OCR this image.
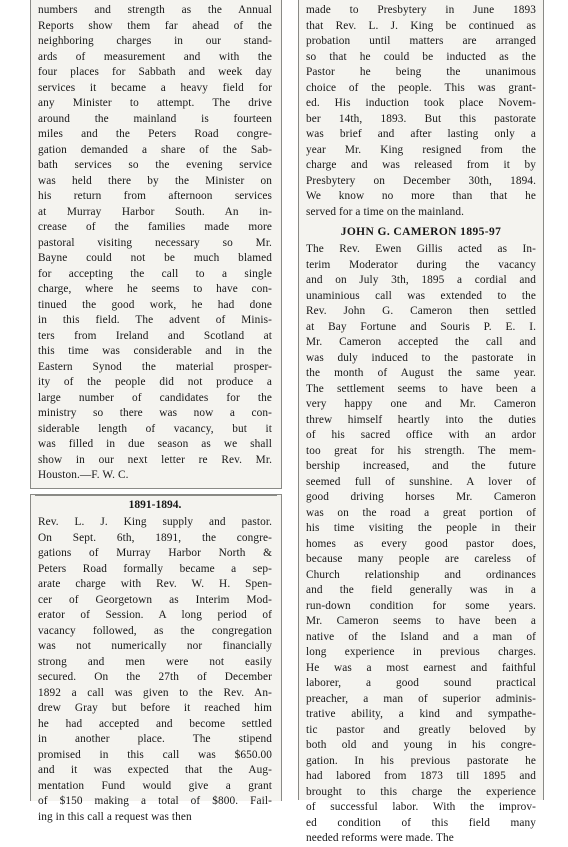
numbers and strength as the Annual
Reports show them far ahead of the
neighboring charges in our stand-
ards of measurement and with the
four places for Sabbath and week day
services it became a heavy field for
any Minister to attempt. The drive
around the mainland is fourteen
miles and the Peters Road congre-
gation demanded a share of the Sab-
bath services so the evening service
was held there by the Minister on
his return from afternoon services
at Murray Harbor South. An in-
crease of the families made more
pastoral visiting necessary so Mr.
Bayne could not be much blamed
for accepting the call to a single
charge, where he seems to have con-
tinued the good work, he had done
in this field. The advent of Minis-
ters from Ireland and Scotland at
this time was considerable and in the
Eastern Synod the material prosper-
ity of the people did not produce a
large number of candidates for the
ministry so there was now a con-
siderable length of vacancy, but it
was filled in due season as we shall
show in our next letter re Rev. Mr.
Houston.—F. W. C.
1891-1894.
Rev. L. J. King supply and pastor.
On Sept. 6th, 1891, the congre-
gations of Murray Harbor North &
Peters Road formally became a sep-
arate charge with Rev. W. H. Spen-
cer of Georgetown as Interim Mod-
erator of Session. A long period of
vacancy followed, as the congregation
was not numerically nor financially
strong and men were not easily
secured. On the 27th of December
1892 a call was given to the Rev. An-
drew Gray but before it reached him
he had accepted and become settled
in another place. The stipend
promised in this call was $650.00
and it was expected that the Aug-
mentation Fund would give a grant
of $150 making a total of $800. Fail-
ing in this call a request was then
made to Presbytery in June 1893
that Rev. L. J. King be continued as
probation until matters are arranged
so that he could be inducted as the
Pastor he being the unanimous
choice of the people. This was grant-
ed. His induction took place Novem-
ber 14th, 1893. But this pastorate
was brief and after lasting only a
year Mr. King resigned from the
charge and was released from it by
Presbytery on December 30th, 1894.
We know no more than that he
served for a time on the mainland.
JOHN G. CAMERON 1895-97
The Rev. Ewen Gillis acted as In-
terim Moderator during the vacancy
and on July 3th, 1895 a cordial and
unaminious call was extended to the
Rev. John G. Cameron then settled
at Bay Fortune and Souris P. E. I.
Mr. Cameron accepted the call and
was duly induced to the pastorate in
the month of August the same year.
The settlement seems to have been a
very happy one and Mr. Cameron
threw himself heartly into the duties
of his sacred office with an ardor
too great for his strength. The mem-
bership increased, and the future
seemed full of sunshine. A lover of
good driving horses Mr. Cameron
was on the road a great portion of
his time visiting the people in their
homes as every good pastor does,
because many people are careless of
Church relationship and ordinances
and the field generally was in a
run-down condition for some years.
Mr. Cameron seems to have been a
native of the Island and a man of
long experience in previous charges.
He was a most earnest and faithful
laborer, a good sound practical
preacher, a man of superior adminis-
trative ability, a kind and sympathe-
tic pastor and greatly beloved by
both old and young in his congre-
gation. In his previous pastorate he
had labored from 1873 till 1895 and
brought to this charge the experience
of successful labor. With the improv-
ed condition of this field many
needed reforms were made. The
